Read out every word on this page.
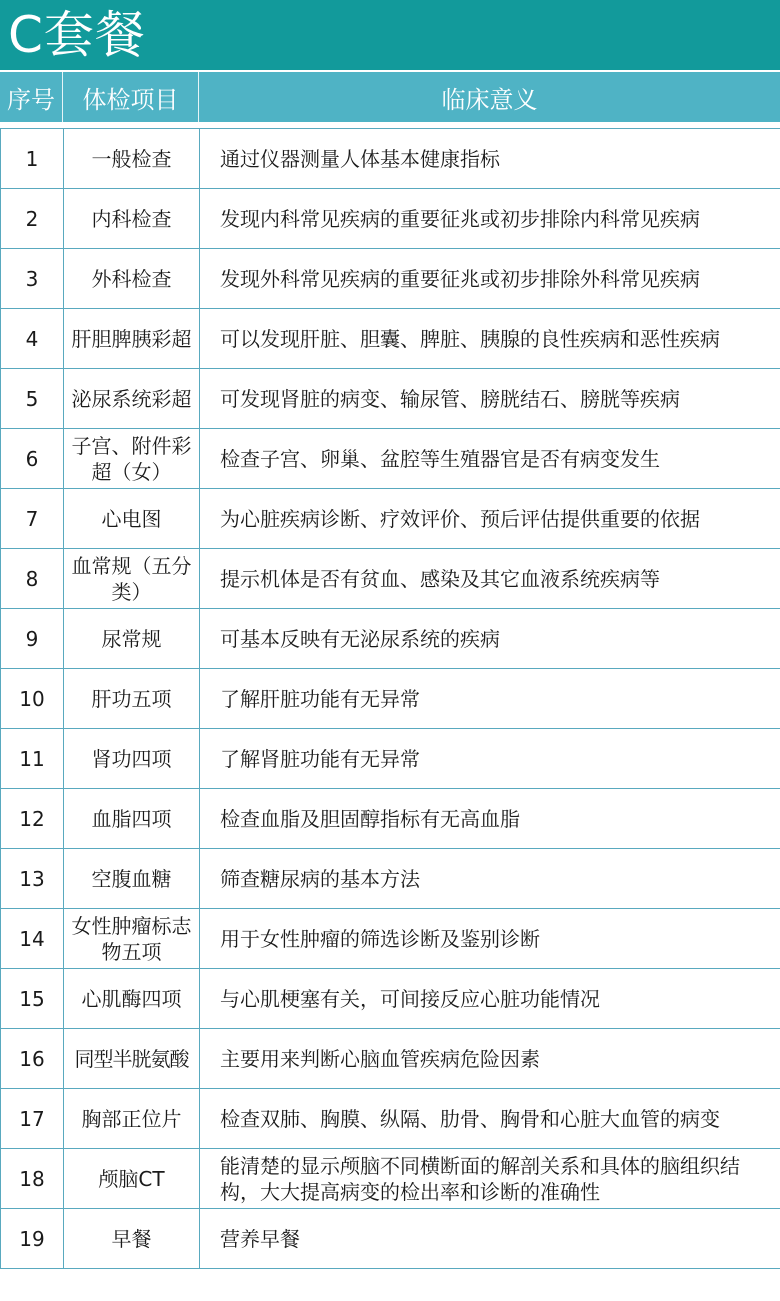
C套餐
序号	体检项目	临床意义
1	一般检查	通过仪器测量人体基本健康指标
2	内科检查	发现内科常见疾病的重要征兆或初步排除内科常见疾病
3	外科检查	发现外科常见疾病的重要征兆或初步排除外科常见疾病
4	肝胆脾胰彩超	可以发现肝脏、胆囊、脾脏、胰腺的良性疾病和恶性疾病
5	泌尿系统彩超	可发现肾脏的病变、输尿管、膀胱结石、膀胱等疾病
6	子宫、附件彩超（女）	检查子宫、卵巢、盆腔等生殖器官是否有病变发生
7	心电图	为心脏疾病诊断、疗效评价、预后评估提供重要的依据
8	血常规（五分类）	提示机体是否有贫血、感染及其它血液系统疾病等
9	尿常规	可基本反映有无泌尿系统的疾病
10	肝功五项	了解肝脏功能有无异常
11	肾功四项	了解肾脏功能有无异常
12	血脂四项	检查血脂及胆固醇指标有无高血脂
13	空腹血糖	筛查糖尿病的基本方法
14	女性肿瘤标志物五项	用于女性肿瘤的筛选诊断及鉴别诊断
15	心肌酶四项	与心肌梗塞有关，可间接反应心脏功能情况
16	同型半胱氨酸	主要用来判断心脑血管疾病危险因素
17	胸部正位片	检查双肺、胸膜、纵隔、肋骨、胸骨和心脏大血管的病变
18	颅脑CT	能清楚的显示颅脑不同横断面的解剖关系和具体的脑组织结构，大大提高病变的检出率和诊断的准确性
19	早餐	营养早餐
